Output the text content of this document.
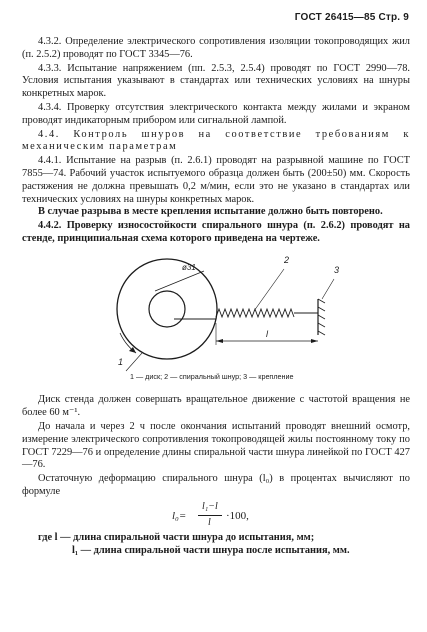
ГОСТ 26415—85 Стр. 9

4.3.2. Определение электрического сопротивления изоляции токопроводящих жил (п. 2.5.2) проводят по ГОСТ 3345—76.

4.3.3. Испытание напряжением (пп. 2.5.3, 2.5.4) проводят по ГОСТ 2990—78. Условия испытания указывают в стандартах или технических условиях на шнуры конкретных марок.

4.3.4. Проверку отсутствия электрического контакта между жилами и экраном проводят индикаторным прибором или сигнальной лампой.

4.4. Контроль шнуров на соответствие требованиям к механическим параметрам

4.4.1. Испытание на разрыв (п. 2.6.1) проводят на разрывной машине по ГОСТ 7855—74. Рабочий участок испытуемого образца должен быть (200±50) мм. Скорость растяжения не должна превышать 0,2 м/мин, если это не указано в стандартах или технических условиях на шнуры конкретных марок.

В случае разрыва в месте крепления испытание должно быть повторено.

4.4.2. Проверку износостойкости спирального шнура (п. 2.6.2) проводят на стенде, принципиальная схема которого приведена на чертеже.

2
3
1
ø31
l

1 — диск; 2 — спиральный шнур; 3 — крепление

Диск стенда должен совершать вращательное движение с частотой вращения не более 60 м⁻¹.

До начала и через 2 ч после окончания испытаний проводят внешний осмотр, измерение электрического сопротивления токопроводящей жилы постоянному току по ГОСТ 7229—76 и определение длины спиральной части шнура линейкой по ГОСТ 427—76.

Остаточную деформацию спирального шнура (l₀) в процентах вычисляют по формуле

l₀=
l₁−l
l
·100,

где l — длина спиральной части шнура до испытания, мм;

l₁ — длина спиральной части шнура после испытания, мм.
